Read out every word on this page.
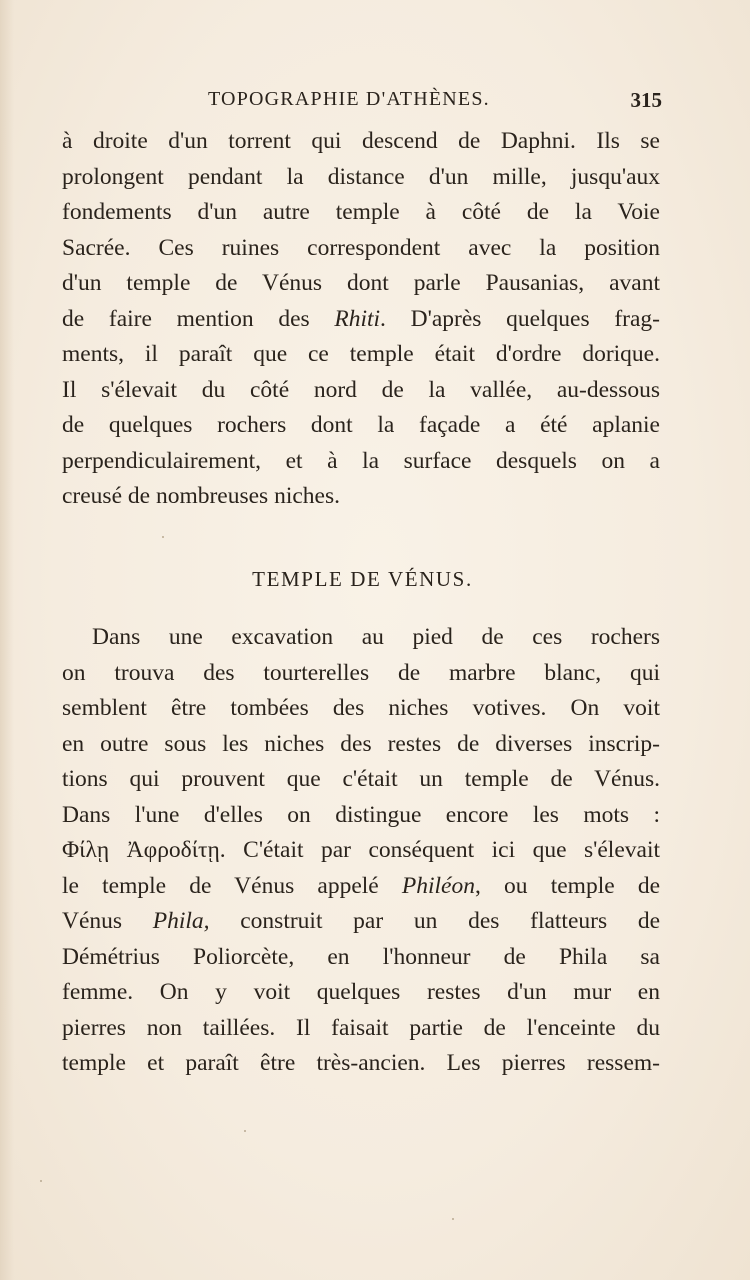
TOPOGRAPHIE D'ATHÈNES.	315
à droite d'un torrent qui descend de Daphni. Ils se
prolongent pendant la distance d'un mille, jusqu'aux
fondements d'un autre temple à côté de la Voie
Sacrée. Ces ruines correspondent avec la position
d'un temple de Vénus dont parle Pausanias, avant
de faire mention des Rhiti. D'après quelques frag-
ments, il paraît que ce temple était d'ordre dorique.
Il s'élevait du côté nord de la vallée, au-dessous
de quelques rochers dont la façade a été aplanie
perpendiculairement, et à la surface desquels on a
creusé de nombreuses niches.
TEMPLE DE VÉNUS.
Dans une excavation au pied de ces rochers
on trouva des tourterelles de marbre blanc, qui
semblent être tombées des niches votives. On voit
en outre sous les niches des restes de diverses inscrip-
tions qui prouvent que c'était un temple de Vénus.
Dans l'une d'elles on distingue encore les mots :
Φίλῃ Ἀφροδίτῃ. C'était par conséquent ici que s'élevait
le temple de Vénus appelé Philéon, ou temple de
Vénus Phila, construit par un des flatteurs de
Démétrius Poliorcète, en l'honneur de Phila sa
femme. On y voit quelques restes d'un mur en
pierres non taillées. Il faisait partie de l'enceinte du
temple et paraît être très-ancien. Les pierres ressem-
